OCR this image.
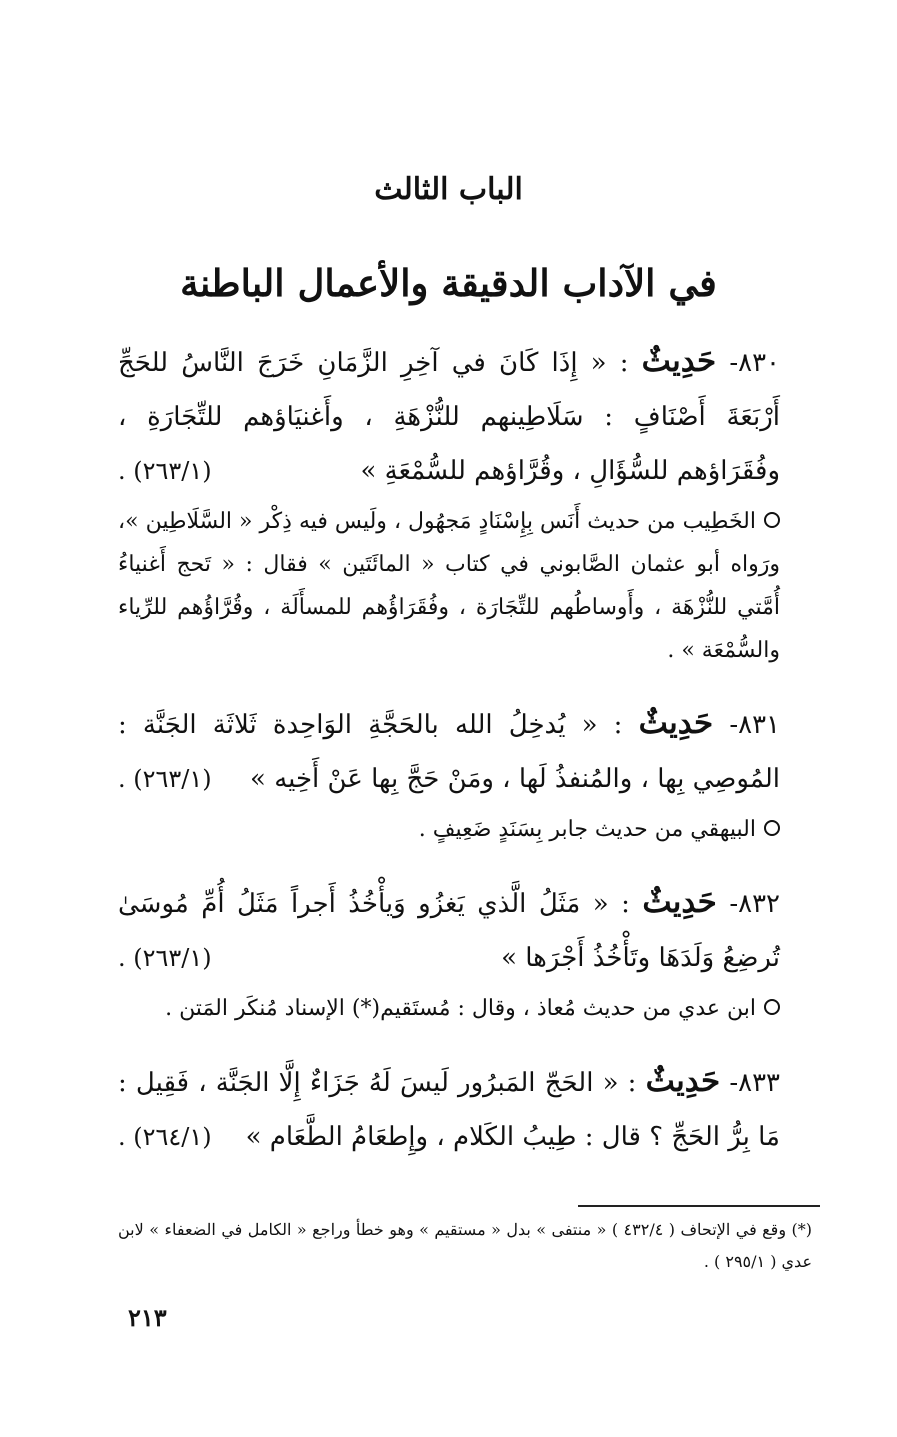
الباب الثالث
في الآداب الدقيقة والأعمال الباطنة
٨٣٠- حَدِيثٌ : « إِذَا كَانَ في آخِرِ الزَّمَانِ خَرَجَ النَّاسُ للحَجِّ أَرْبَعَةَ أَصْنَافٍ : سَلَاطِينهم للنُّزْهَةِ ، وأَغنيَاؤهم للتِّجَارَةِ ، وفُقَرَاؤهم للسُّؤَالِ ، وقُرَّاؤهم للسُّمْعَةِ »
(٢٦٣/١) .
الخَطِيب من حديث أَنَس بِإِسْنَادٍ مَجهُول ، ولَيس فيه ذِكْر « السَّلَاطِين »، ورَواه أبو عثمان الصَّابوني في كتاب « المائَتَين » فقال : « تَحج أَغنياءُ أُمَّتي للنُّزْهَة ، وأَوساطُهم للتِّجَارَة ، وفُقَرَاؤُهم للمسأَلَة ، وقُرَّاؤُهم للرِّياء والسُّمْعَة » .
٨٣١- حَدِيثٌ : « يُدخِلُ الله بالحَجَّةِ الوَاحِدة ثَلاثَة الجَنَّة : المُوصِي بِها ، والمُنفذُ لَها ، ومَنْ حَجَّ بِها عَنْ أَخِيه »
(٢٦٣/١) .
البيهقي من حديث جابر بِسَنَدٍ ضَعِيفٍ .
٨٣٢- حَدِيثٌ : « مَثَلُ الَّذي يَغزُو وَيأْخُذُ أَجراً مَثَلُ أُمِّ مُوسَىٰ تُرضِعُ وَلَدَهَا وتَأْخُذُ أَجْرَها »
(٢٦٣/١) .
ابن عدي من حديث مُعاذ ، وقال : مُستَقيم(*) الإسناد مُنكَر المَتن .
٨٣٣- حَدِيثٌ : « الحَجّ المَبرُور لَيسَ لَهُ جَزَاءٌ إِلَّا الجَنَّة ، فَقِيل : مَا بِرُّ الحَجِّ ؟ قال : طِيبُ الكَلام ، وإِطعَامُ الطَّعَام »
(٢٦٤/١) .
(*) وقع في الإتحاف ( ٤٣٢/٤ ) « منتفى » بدل « مستقيم » وهو خطأ وراجع « الكامل في الضعفاء » لابن عدي ( ٢٩٥/١ ) .
٢١٣
